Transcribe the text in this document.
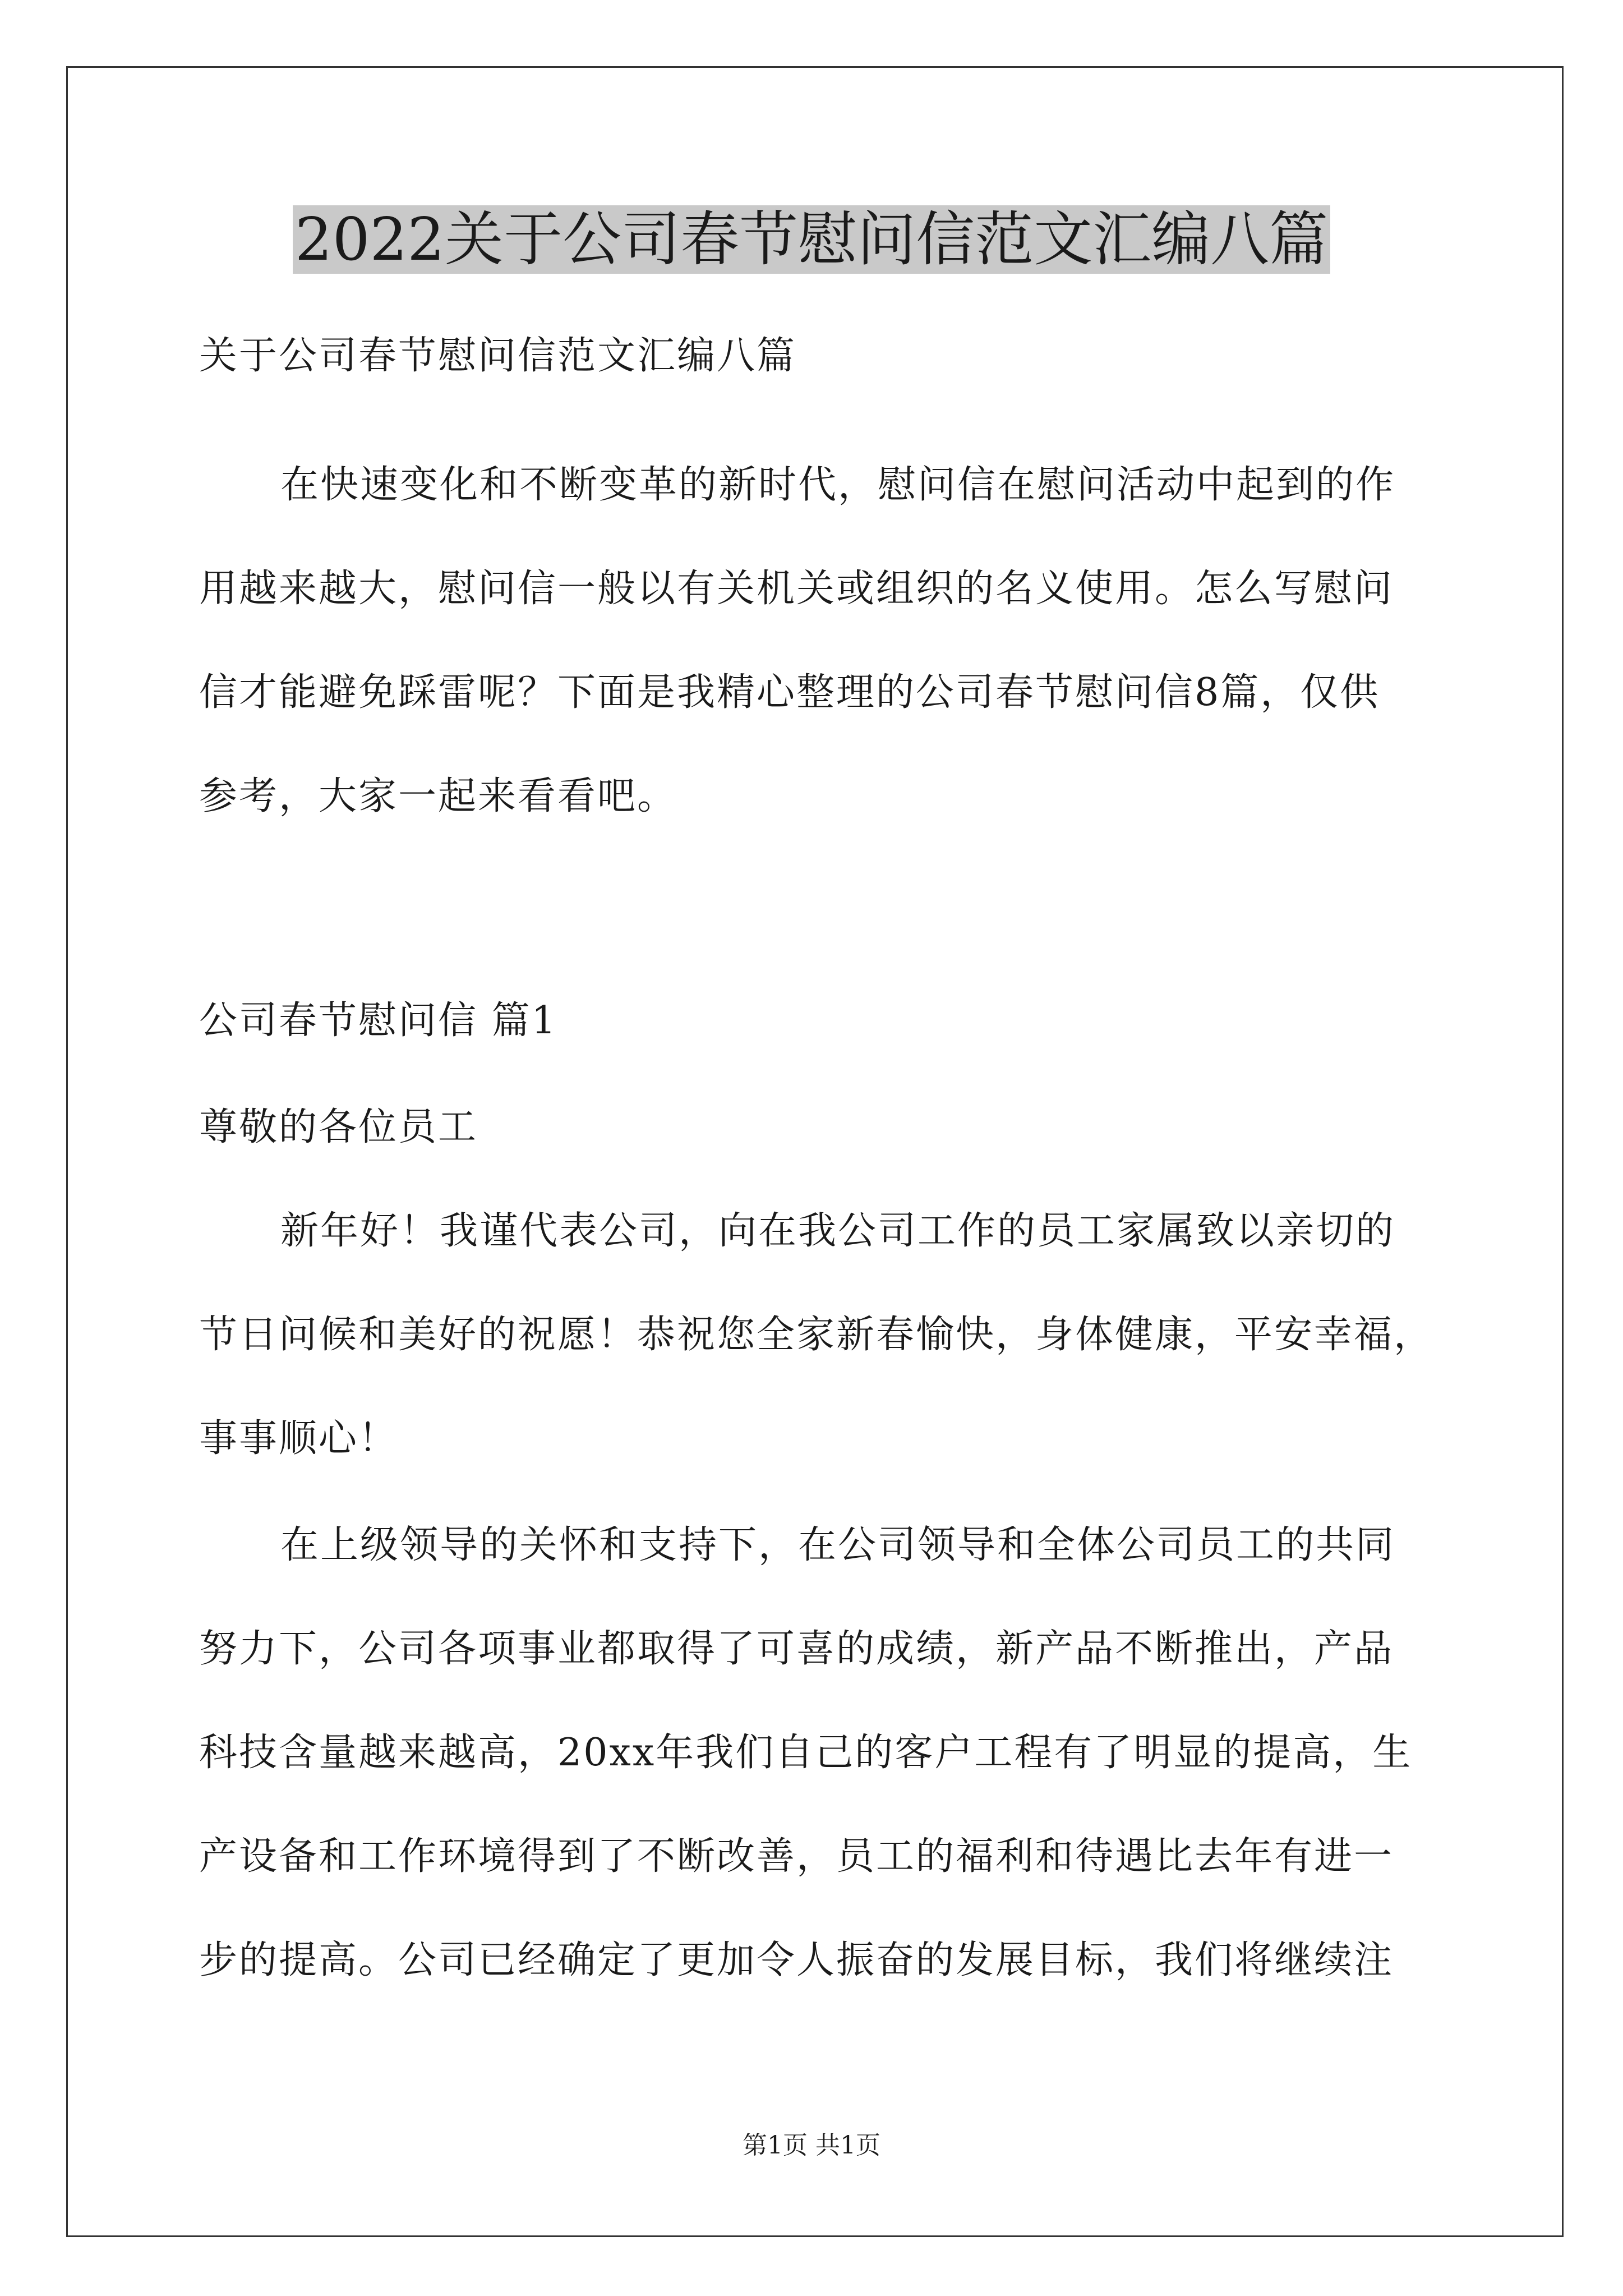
2022关于公司春节慰问信范文汇编八篇
关于公司春节慰问信范文汇编八篇
在快速变化和不断变革的新时代，慰问信在慰问活动中起到的作
用越来越大，慰问信一般以有关机关或组织的名义使用。怎么写慰问
信才能避免踩雷呢？下面是我精心整理的公司春节慰问信8篇，仅供
参考，大家一起来看看吧。
公司春节慰问信 篇1
尊敬的各位员工
新年好！我谨代表公司，向在我公司工作的员工家属致以亲切的
节日问候和美好的祝愿！恭祝您全家新春愉快，身体健康，平安幸福，
事事顺心！
在上级领导的关怀和支持下，在公司领导和全体公司员工的共同
努力下，公司各项事业都取得了可喜的成绩，新产品不断推出，产品
科技含量越来越高，20xx年我们自己的客户工程有了明显的提高，生
产设备和工作环境得到了不断改善，员工的福利和待遇比去年有进一
步的提高。公司已经确定了更加令人振奋的发展目标，我们将继续注
第1页 共1页
